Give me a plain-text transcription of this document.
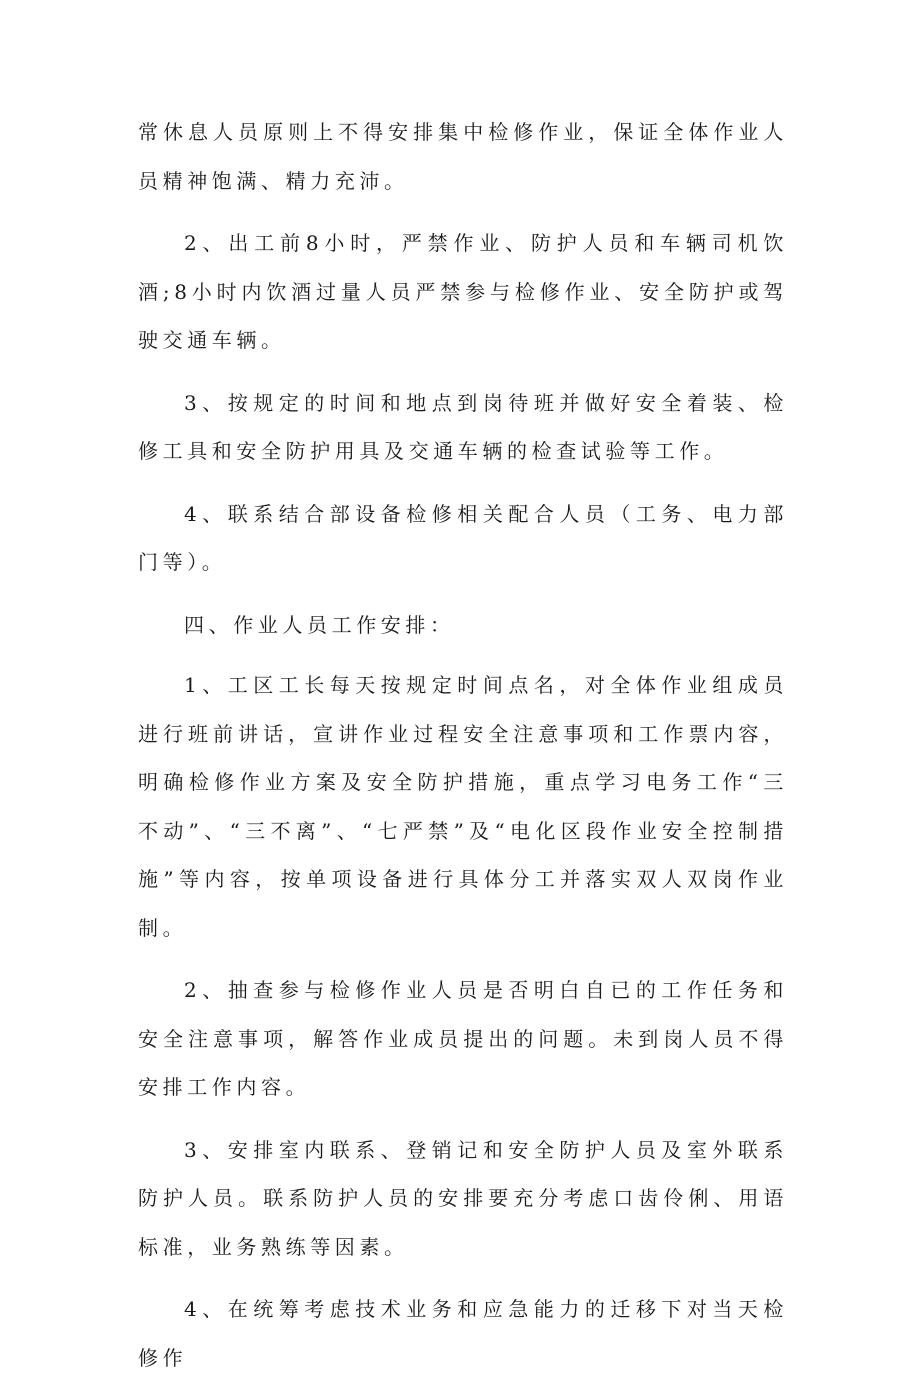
常休息人员原则上不得安排集中检修作业，保证全体作业人员精神饱满、精力充沛。

2、出工前8小时，严禁作业、防护人员和车辆司机饮酒;8小时内饮酒过量人员严禁参与检修作业、安全防护或驾驶交通车辆。

3、按规定的时间和地点到岗待班并做好安全着装、检修工具和安全防护用具及交通车辆的检查试验等工作。

4、联系结合部设备检修相关配合人员（工务、电力部门等）。

四、作业人员工作安排：

1、工区工长每天按规定时间点名，对全体作业组成员进行班前讲话，宣讲作业过程安全注意事项和工作票内容，明确检修作业方案及安全防护措施，重点学习电务工作“三不动”、“三不离”、“七严禁”及“电化区段作业安全控制措施”等内容，按单项设备进行具体分工并落实双人双岗作业制。

2、抽查参与检修作业人员是否明白自已的工作任务和安全注意事项，解答作业成员提出的问题。未到岗人员不得安排工作内容。

3、安排室内联系、登销记和安全防护人员及室外联系防护人员。联系防护人员的安排要充分考虑口齿伶俐、用语标准，业务熟练等因素。

4、在统筹考虑技术业务和应急能力的迁移下对当天检修作
